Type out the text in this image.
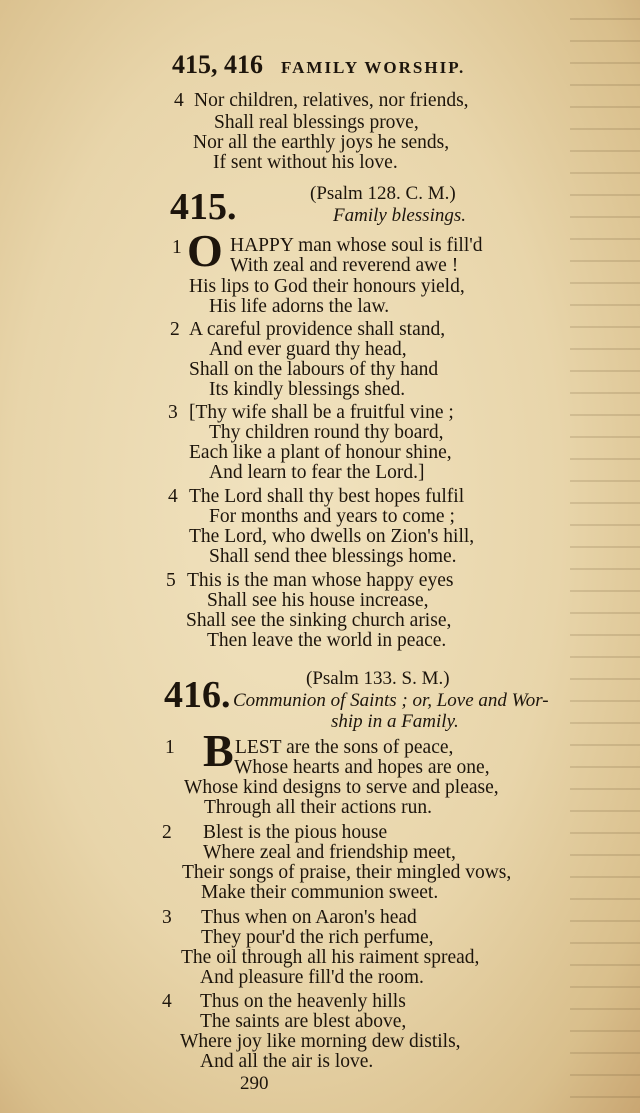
415, 416 FAMILY WORSHIP.
4 Nor children, relatives, nor friends,
Shall real blessings prove,
Nor all the earthly joys he sends,
If sent without his love.
415.	(Psalm 128. C. M.)
Family blessings.
1 O HAPPY man whose soul is fill'd
With zeal and reverend awe !
His lips to God their honours yield,
His life adorns the law.
2 A careful providence shall stand,
And ever guard thy head,
Shall on the labours of thy hand
Its kindly blessings shed.
3 [Thy wife shall be a fruitful vine ;
Thy children round thy board,
Each like a plant of honour shine,
And learn to fear the Lord.]
4 The Lord shall thy best hopes fulfil
For months and years to come ;
The Lord, who dwells on Zion's hill,
Shall send thee blessings home.
5 This is the man whose happy eyes
Shall see his house increase,
Shall see the sinking church arise,
Then leave the world in peace.
416.	(Psalm 133. S. M.)
Communion of Saints ; or, Love and Wor-
ship in a Family.
1 B LEST are the sons of peace,
Whose hearts and hopes are one,
Whose kind designs to serve and please,
Through all their actions run.
2 Blest is the pious house
Where zeal and friendship meet,
Their songs of praise, their mingled vows,
Make their communion sweet.
3 Thus when on Aaron's head
They pour'd the rich perfume,
The oil through all his raiment spread,
And pleasure fill'd the room.
4 Thus on the heavenly hills
The saints are blest above,
Where joy like morning dew distils,
And all the air is love.
290
